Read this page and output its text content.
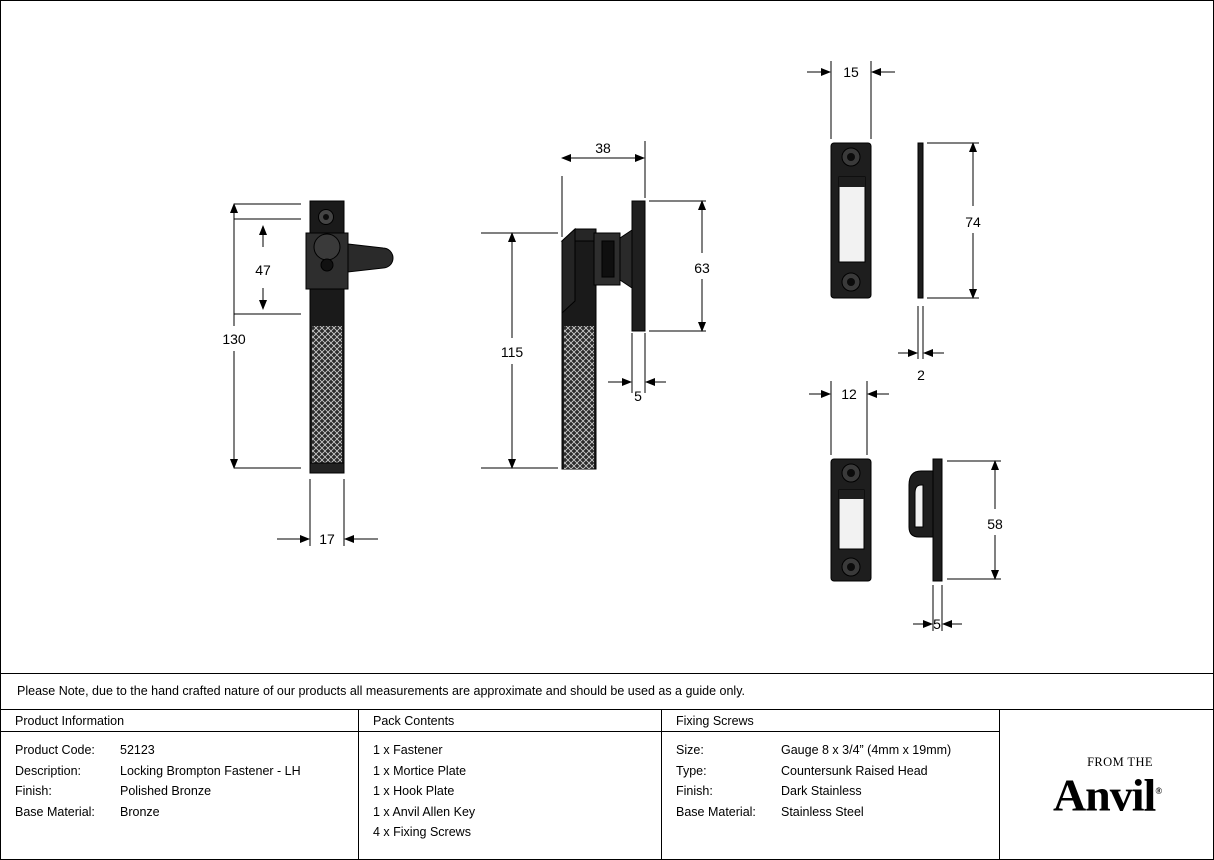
47
130
17
38
63
115
5
15
74
2
12
58
5
Please Note, due to the hand crafted nature of our products all measurements are approximate and should be used as a guide only.
Product Information
Product Code:	52123
Description:	Locking Brompton Fastener - LH
Finish:	Polished Bronze
Base Material:	Bronze
Pack Contents
1 x Fastener
1 x Mortice Plate
1 x Hook Plate
1 x Anvil Allen Key
4 x Fixing Screws
Fixing Screws
Size:	Gauge 8 x 3/4” (4mm x 19mm)
Type:	Countersunk Raised Head
Finish:	Dark Stainless
Base Material:	Stainless Steel
FROM THE
Anvil®
